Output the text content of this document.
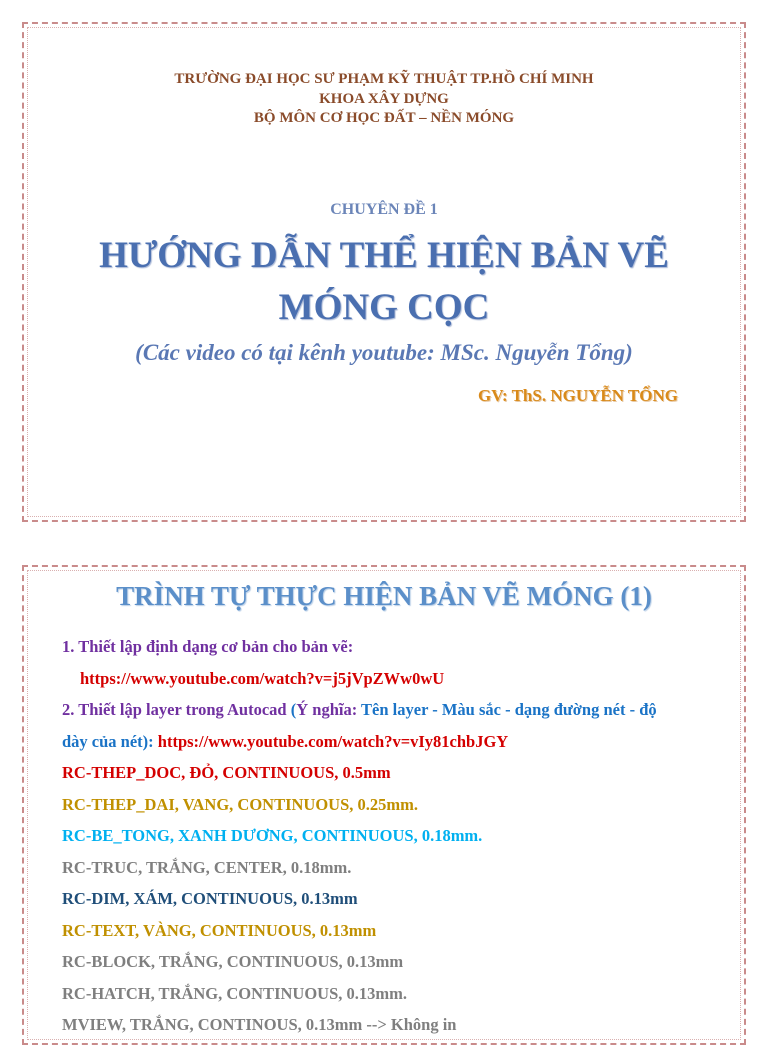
TRƯỜNG ĐẠI HỌC SƯ PHẠM KỸ THUẬT TP.HỒ CHÍ MINH
KHOA XÂY DỰNG
BỘ MÔN CƠ HỌC ĐẤT – NỀN MÓNG
CHUYÊN ĐỀ 1
HƯỚNG DẪN THỂ HIỆN BẢN VẼ
MÓNG CỌC
(Các video có tại kênh youtube: MSc. Nguyễn Tổng)
GV: ThS. NGUYỄN TỔNG
TRÌNH TỰ THỰC HIỆN BẢN VẼ MÓNG (1)
1. Thiết lập định dạng cơ bản cho bản vẽ:
https://www.youtube.com/watch?v=j5jVpZWw0wU
2. Thiết lập layer trong Autocad (Ý nghĩa: Tên layer - Màu sắc - dạng đường nét - độ
dày của nét): https://www.youtube.com/watch?v=vIy81chbJGY
RC-THEP_DOC, ĐỎ, CONTINUOUS, 0.5mm
RC-THEP_DAI, VANG, CONTINUOUS, 0.25mm.
RC-BE_TONG, XANH DƯƠNG, CONTINUOUS, 0.18mm.
RC-TRUC, TRẮNG, CENTER, 0.18mm.
RC-DIM, XÁM, CONTINUOUS, 0.13mm
RC-TEXT, VÀNG, CONTINUOUS, 0.13mm
RC-BLOCK, TRẮNG, CONTINUOUS, 0.13mm
RC-HATCH, TRẮNG, CONTINUOUS, 0.13mm.
MVIEW, TRẮNG, CONTINOUS, 0.13mm --> Không in
